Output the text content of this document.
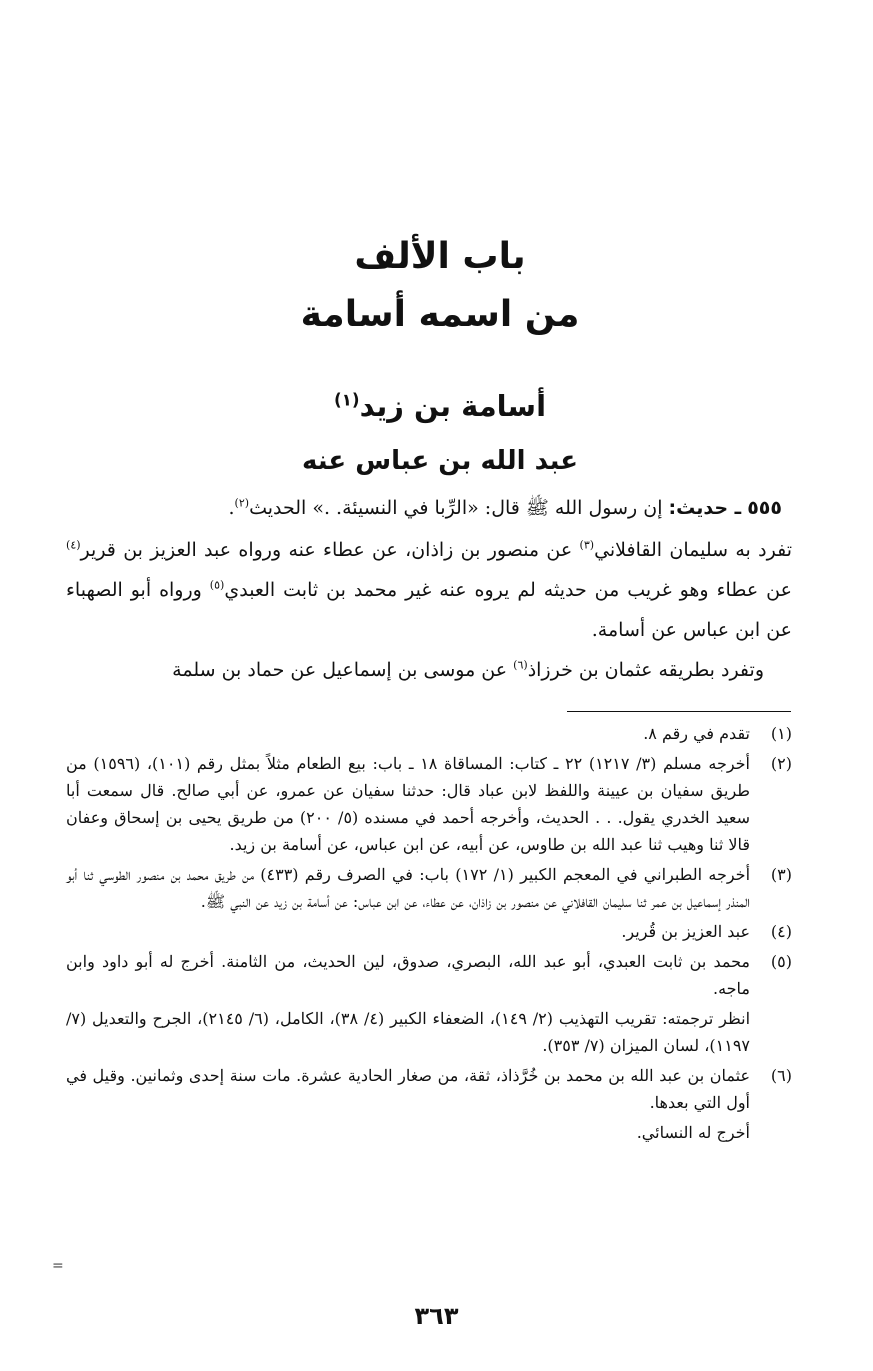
باب الألف
من اسمه أسامة
أسامة بن زيد$^{(١)}$
عبد الله بن عباس عنه

٥٥٥ ـ حديث: إن رسول الله ﷺ قال: «الرِّبا في النسيئة. .» الحديث$^{(٢)}$.

تفرد به سليمان القافلاني$^{(٣)}$ عن منصور بن زاذان، عن عطاء عنه ورواه عبد العزيز بن قرير$^{(٤)}$ عن عطاء وهو غريب من حديثه لم يروه عنه غير محمد بن ثابت العبدي$^{(٥)}$ ورواه أبو الصهباء عن ابن عباس عن أسامة.

وتفرد بطريقه عثمان بن خرزاذ$^{(٦)}$ عن موسى بن إسماعيل عن حماد بن سلمة

(١)
تقدم في رقم ٨.
(٢)
أخرجه مسلم (٣/ ١٢١٧) ٢٢ ـ كتاب: المساقاة ١٨ ـ باب: بيع الطعام مثلاً بمثل رقم (١٠١)، (١٥٩٦) من طريق سفيان بن عيينة واللفظ لابن عباد قال: حدثنا سفيان عن عمرو، عن أبي صالح. قال سمعت أبا سعيد الخدري يقول. . . الحديث، وأخرجه أحمد في مسنده (٥/ ٢٠٠) من طريق يحيى بن إسحاق وعفان قالا ثنا وهيب ثنا عبد الله بن طاوس، عن أبيه، عن ابن عباس، عن أسامة بن زيد.
(٣)
أخرجه الطبراني في المعجم الكبير (١/ ١٧٢) باب: في الصرف رقم (٤٣٣) من طريق محمد بن منصور الطوسي ثنا أبو المنذر إسماعيل بن عمر ثنا سليمان القافلاني عن منصور بن زاذان، عن عطاء، عن ابن عباس: عن أسامة بن زيد عن النبي ﷺ.
(٤)
عبد العزيز بن قُرير.
(٥)
محمد بن ثابت العبدي، أبو عبد الله، البصري، صدوق، لين الحديث، من الثامنة. أخرج له أبو داود وابن ماجه.
انظر ترجمته: تقريب التهذيب (٢/ ١٤٩)، الضعفاء الكبير (٤/ ٣٨)، الكامل، (٦/ ٢١٤٥)، الجرح والتعديل (٧/ ١١٩٧)، لسان الميزان (٧/ ٣٥٣).
(٦)
عثمان بن عبد الله بن محمد بن خُرَّذاذ، ثقة، من صغار الحادية عشرة. مات سنة إحدى وثمانين. وقيل في أول التي بعدها.
أخرج له النسائي.
=
٣٦٣
